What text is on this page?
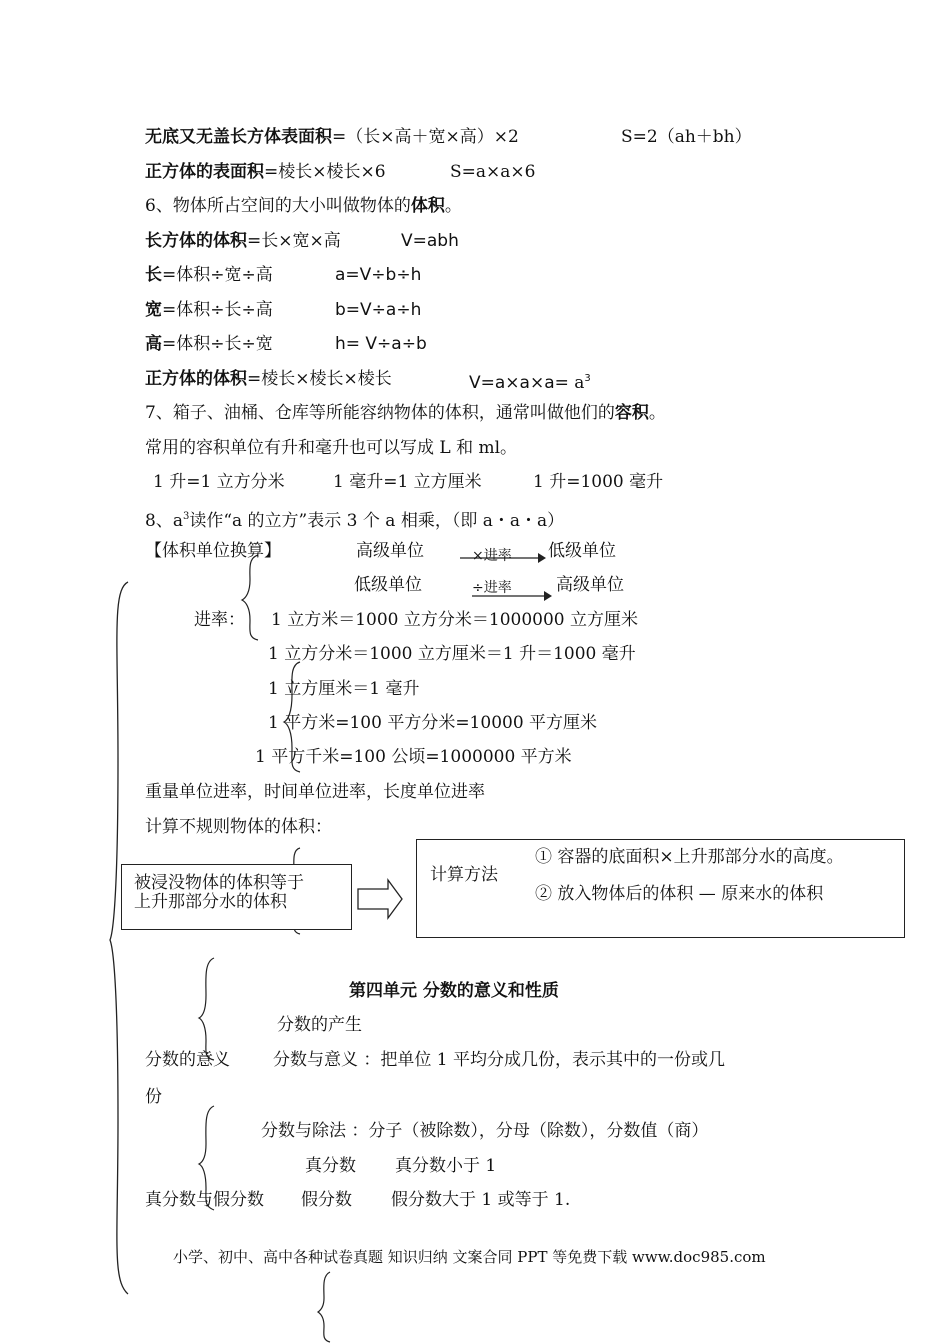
无底又无盖长方体表面积=（长×高＋宽×高）×2	S=2（ah＋bh）
正方体的表面积=棱长×棱长×6	S=a×a×6
6、物体所占空间的大小叫做物体的体积。
长方体的体积=长×宽×高	V=abh
长=体积÷宽÷高	a=V÷b÷h
宽=体积÷长÷高	b=V÷a÷h
高=体积÷长÷宽	h= V÷a÷b
正方体的体积=棱长×棱长×棱长	$V=a\times a\times a= a^3$
7、箱子、油桶、仓库等所能容纳物体的体积，通常叫做他们的容积。
常用的容积单位有升和毫升也可以写成 L 和 ml。
1 升=1 立方分米	1 毫升=1 立方厘米	1 升=1000 毫升
8、$a^3$读作“a 的立方”表示 3 个 a 相乘，（即 a・a・a）
【体积单位换算】	高级单位	×进率 低级单位
低级单位	÷进率	高级单位
进率： 1 立方米＝1000 立方分米＝1000000 立方厘米
1 立方分米＝1000 立方厘米＝1 升＝1000 毫升
1 立方厘米＝1 毫升
1 平方米=100 平方分米=10000 平方厘米
1 平方千米=100 公顷=1000000 平方米
重量单位进率，时间单位进率，长度单位进率
计算不规则物体的体积：
被浸没物体的体积等于
上升那部分水的体积
计算方法
① 容器的底面积×上升那部分水的高度。
② 放入物体后的体积 — 原来水的体积
第四单元 分数的意义和性质
分数的产生
分数的意义	分数与意义 ：把单位 1 平均分成几份，表示其中的一份或几
份
分数与除法 ：分子（被除数），分母（除数），分数值（商）
真分数 真分数小于 1
真分数与假分数 假分数 假分数大于 1 或等于 1.
小学、初中、高中各种试卷真题 知识归纳 文案合同 PPT 等免费下载 www.doc985.com
